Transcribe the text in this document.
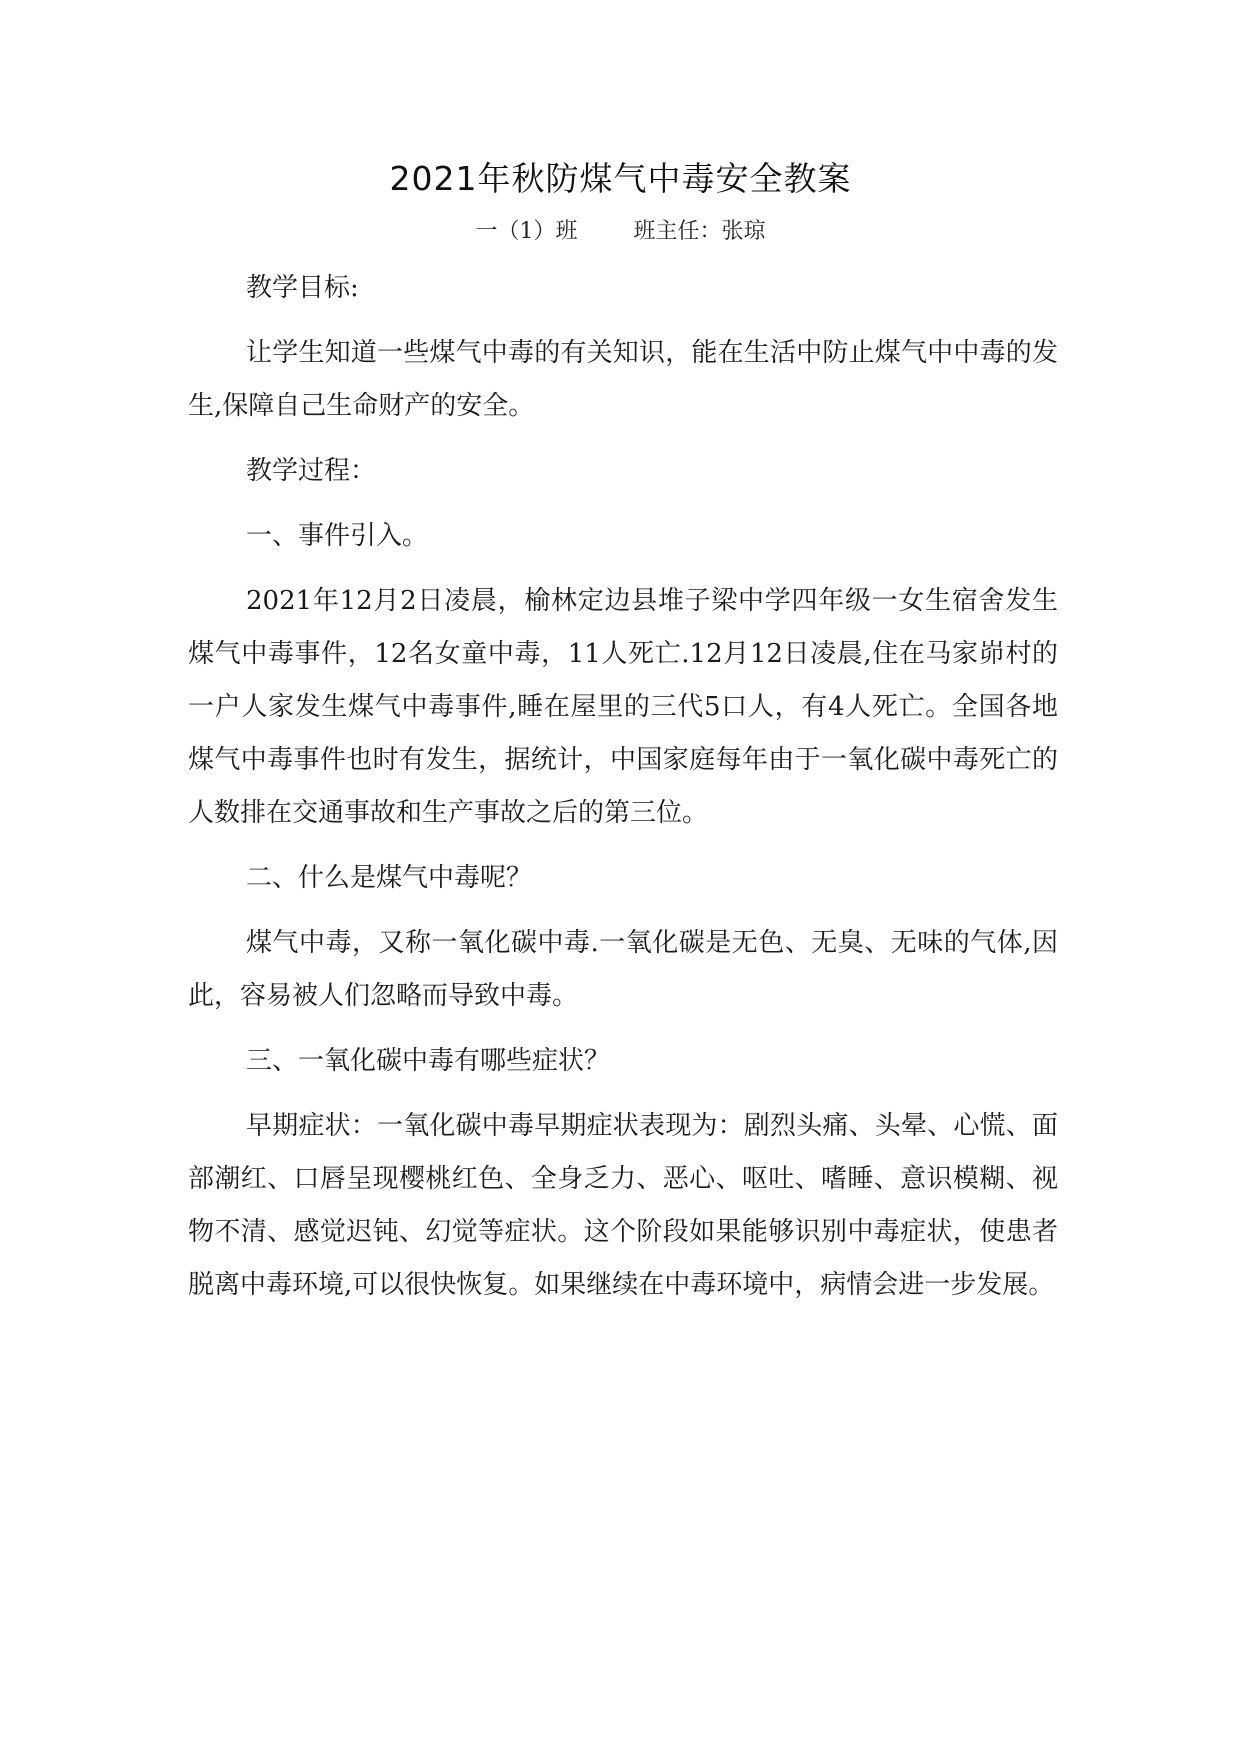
2021年秋防煤气中毒安全教案
一（1）班	班主任：张琼

教学目标:

让学生知道一些煤气中毒的有关知识，能在生活中防止煤气中中毒的发生,保障自己生命财产的安全。

教学过程：

一、事件引入。

2021年12月2日凌晨，榆林定边县堆子梁中学四年级一女生宿舍发生煤气中毒事件，12名女童中毒，11人死亡.12月12日凌晨,住在马家峁村的一户人家发生煤气中毒事件,睡在屋里的三代5口人，有4人死亡。全国各地煤气中毒事件也时有发生，据统计，中国家庭每年由于一氧化碳中毒死亡的人数排在交通事故和生产事故之后的第三位。

二、什么是煤气中毒呢？

煤气中毒，又称一氧化碳中毒.一氧化碳是无色、无臭、无味的气体,因此，容易被人们忽略而导致中毒。

三、一氧化碳中毒有哪些症状？

早期症状：一氧化碳中毒早期症状表现为：剧烈头痛、头晕、心慌、面部潮红、口唇呈现樱桃红色、全身乏力、恶心、呕吐、嗜睡、意识模糊、视物不清、感觉迟钝、幻觉等症状。这个阶段如果能够识别中毒症状，使患者脱离中毒环境,可以很快恢复。如果继续在中毒环境中，病情会进一步发展。
